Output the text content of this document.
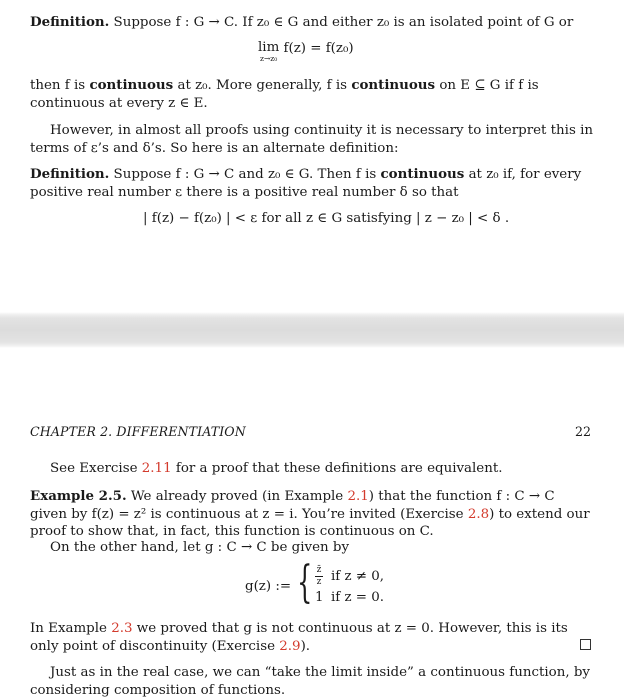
Definition. Suppose f : G → C. If z₀ ∈ G and either z₀ is an isolated point of G or

lim
z→z₀
f(z) = f(z₀)

then f is continuous at z₀. More generally, f is continuous on E ⊆ G if f is continuous at every z ∈ E.

However, in almost all proofs using continuity it is necessary to interpret this in terms of ε’s and δ’s. So here is an alternate definition:

Definition. Suppose f : G → C and z₀ ∈ G. Then f is continuous at z₀ if, for every positive real number ε there is a positive real number δ so that

| f(z) − f(z₀) | < ε for all z ∈ G satisfying | z − z₀ | < δ .
CHAPTER 2. DIFFERENTIATION	22

See Exercise 2.11 for a proof that these definitions are equivalent.

Example 2.5. We already proved (in Example 2.1) that the function f : C → C given by f(z) = z² is continuous at z = i. You’re invited (Exercise 2.8) to extend our proof to show that, in fact, this function is continuous on C.

On the other hand, let g : C → C be given by

g(z) := { z̄
z if z ≠ 0,
1 if z = 0.

In Example 2.3 we proved that g is not continuous at z = 0. However, this is its only point of discontinuity (Exercise 2.9).

Just as in the real case, we can “take the limit inside” a continuous function, by considering composition of functions.
